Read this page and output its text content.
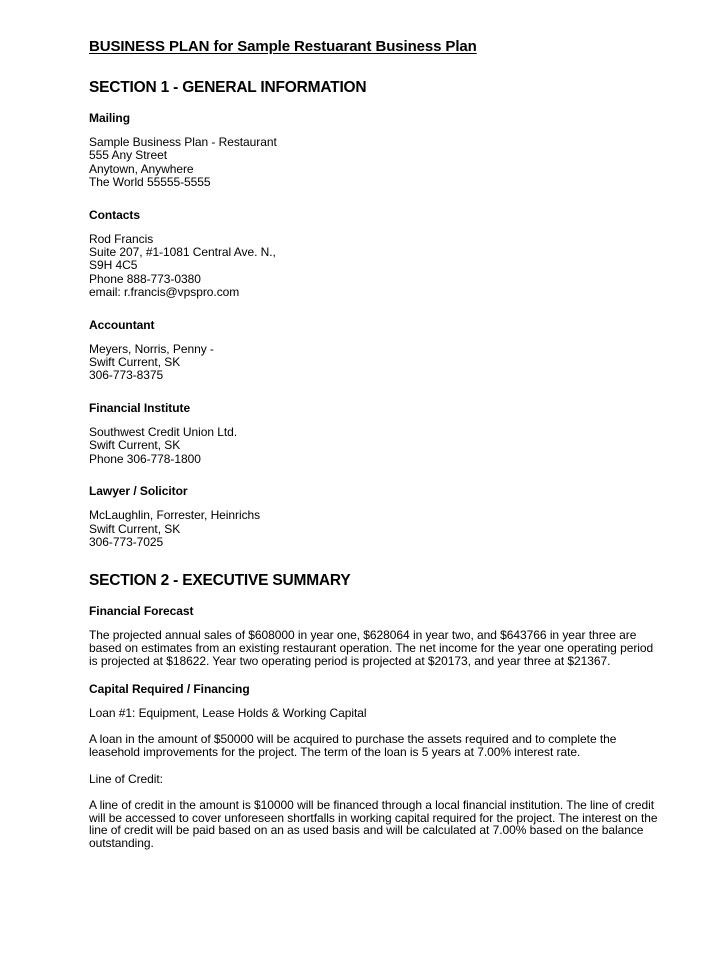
BUSINESS PLAN for Sample Restuarant Business Plan
SECTION 1 - GENERAL INFORMATION
Mailing
Sample Business Plan - Restaurant
555 Any Street
Anytown, Anywhere
The World 55555-5555
Contacts
Rod Francis
Suite 207, #1-1081 Central Ave. N.,
S9H 4C5
Phone 888-773-0380
email: r.francis@vpspro.com
Accountant
Meyers, Norris, Penny -
Swift Current, SK
306-773-8375
Financial Institute
Southwest Credit Union Ltd.
Swift Current, SK
Phone 306-778-1800
Lawyer / Solicitor
McLaughlin, Forrester, Heinrichs
Swift Current, SK
306-773-7025
SECTION 2 - EXECUTIVE SUMMARY
Financial Forecast

The projected annual sales of $608000 in year one, $628064 in year two, and $643766 in year three are based on estimates from an existing restaurant operation. The net income for the year one operating period is projected at $18622. Year two operating period is projected at $20173, and year three at $21367.

Capital Required / Financing

Loan #1: Equipment, Lease Holds & Working Capital

A loan in the amount of $50000 will be acquired to purchase the assets required and to complete the leasehold improvements for the project. The term of the loan is 5 years at 7.00% interest rate.

Line of Credit:

A line of credit in the amount is $10000 will be financed through a local financial institution. The line of credit will be accessed to cover unforeseen shortfalls in working capital required for the project. The interest on the line of credit will be paid based on an as used basis and will be calculated at 7.00% based on the balance outstanding.
